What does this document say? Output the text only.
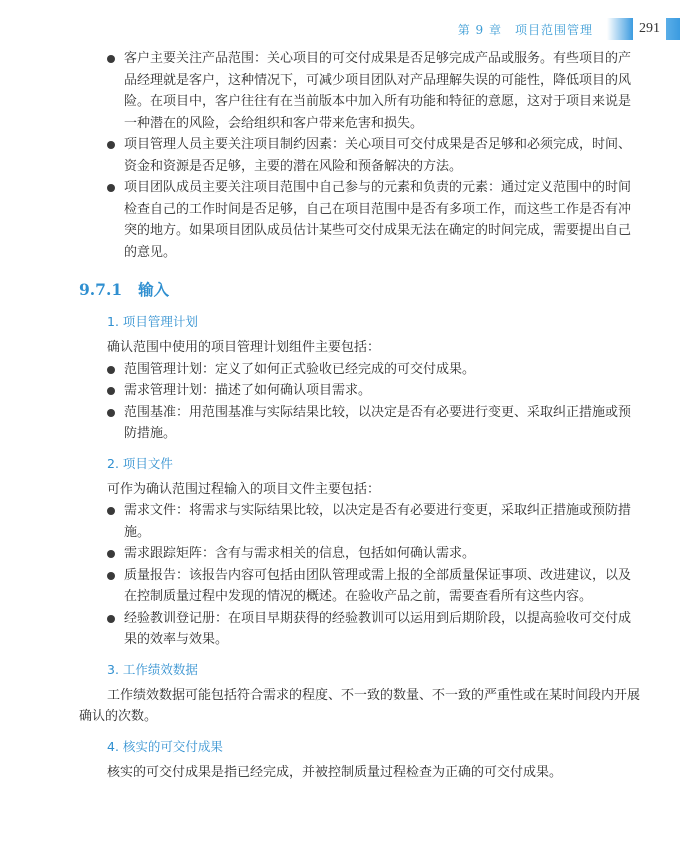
第 9 章　项目范围管理	291
客户主要关注产品范围：关心项目的可交付成果是否足够完成产品或服务。有些项目的产品经理就是客户，这种情况下，可减少项目团队对产品理解失误的可能性，降低项目的风险。在项目中，客户往往有在当前版本中加入所有功能和特征的意愿，这对于项目来说是一种潜在的风险，会给组织和客户带来危害和损失。
项目管理人员主要关注项目制约因素：关心项目可交付成果是否足够和必须完成，时间、资金和资源是否足够，主要的潜在风险和预备解决的方法。
项目团队成员主要关注项目范围中自己参与的元素和负责的元素：通过定义范围中的时间检查自己的工作时间是否足够，自己在项目范围中是否有多项工作，而这些工作是否有冲突的地方。如果项目团队成员估计某些可交付成果无法在确定的时间完成，需要提出自己的意见。
9.7.1 输入
1. 项目管理计划
确认范围中使用的项目管理计划组件主要包括：
范围管理计划：定义了如何正式验收已经完成的可交付成果。
需求管理计划：描述了如何确认项目需求。
范围基准：用范围基准与实际结果比较，以决定是否有必要进行变更、采取纠正措施或预防措施。
2. 项目文件
可作为确认范围过程输入的项目文件主要包括：
需求文件：将需求与实际结果比较，以决定是否有必要进行变更，采取纠正措施或预防措施。
需求跟踪矩阵：含有与需求相关的信息，包括如何确认需求。
质量报告：该报告内容可包括由团队管理或需上报的全部质量保证事项、改进建议，以及在控制质量过程中发现的情况的概述。在验收产品之前，需要查看所有这些内容。
经验教训登记册：在项目早期获得的经验教训可以运用到后期阶段，以提高验收可交付成果的效率与效果。
3. 工作绩效数据
工作绩效数据可能包括符合需求的程度、不一致的数量、不一致的严重性或在某时间段内开展确认的次数。
4. 核实的可交付成果
核实的可交付成果是指已经完成，并被控制质量过程检查为正确的可交付成果。
